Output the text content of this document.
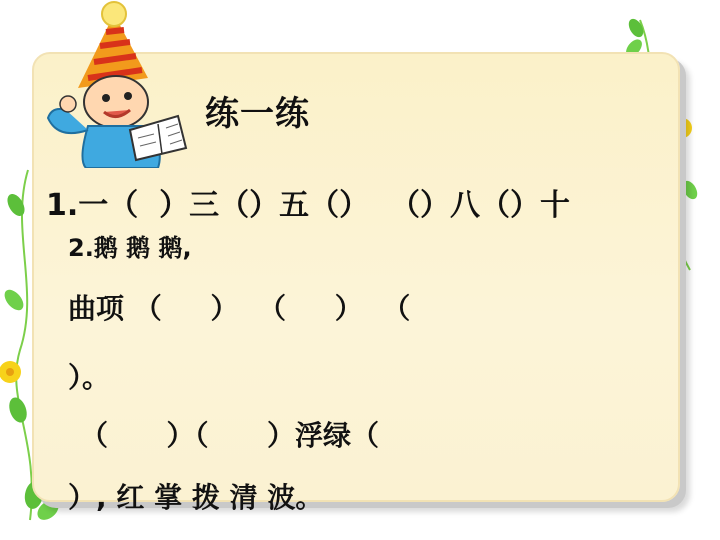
练一练
1.一（  ）三（）五（）  （）八（）十
2.鹅 鹅 鹅,
曲项 （     ）  （     ）  （
）。
（      ）（      ）浮绿（
）, 红 掌 拨 清 波。
